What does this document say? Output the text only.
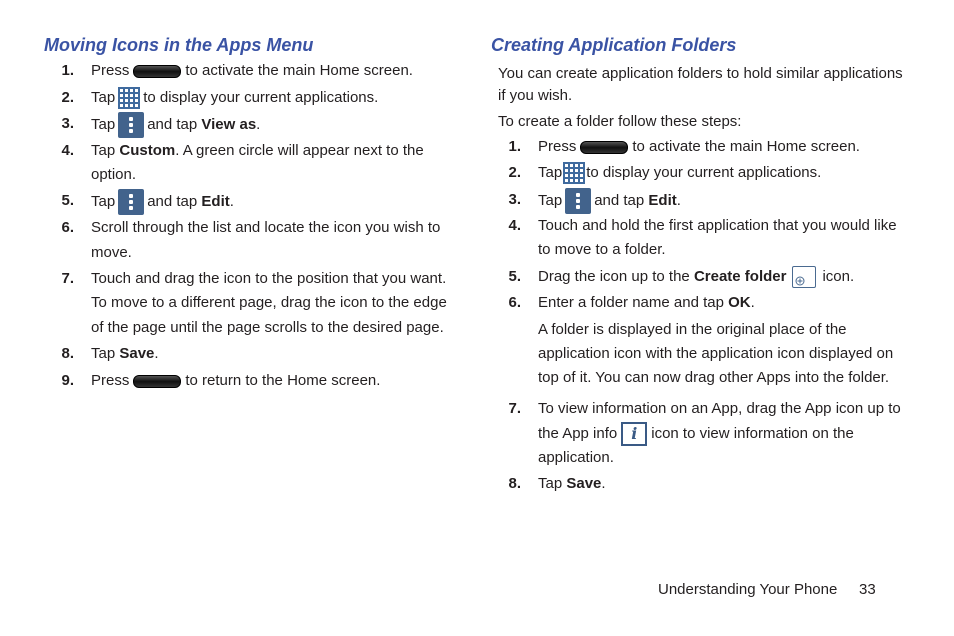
Moving Icons in the Apps Menu
1. Press	to activate the main Home screen.
2. Tap to display your current applications.
3. Tap and tap View as.
4. Tap Custom. A green circle will appear next to the
option.
5. Tap and tap Edit.
6. Scroll through the list and locate the icon you wish to
move.
7. Touch and drag the icon to the position that you want.
To move to a different page, drag the icon to the edge
of the page until the page scrolls to the desired page.
8. Tap Save.
9. Press	to return to the Home screen.
Creating Application Folders
You can create application folders to hold similar applications
if you wish.
To create a folder follow these steps:
1. Press	to activate the main Home screen.
2. Tap to display your current applications.
3. Tap and tap Edit.
4. Touch and hold the first application that you would like
to move to a folder.
5. Drag the icon up to the Create folder icon.
6. Enter a folder name and tap OK.
A folder is displayed in the original place of the
application icon with the application icon displayed on
top of it. You can now drag other Apps into the folder.
7. To view information on an App, drag the App icon up to
the App info i icon to view information on the
application.
8. Tap Save.
Understanding Your Phone 33
